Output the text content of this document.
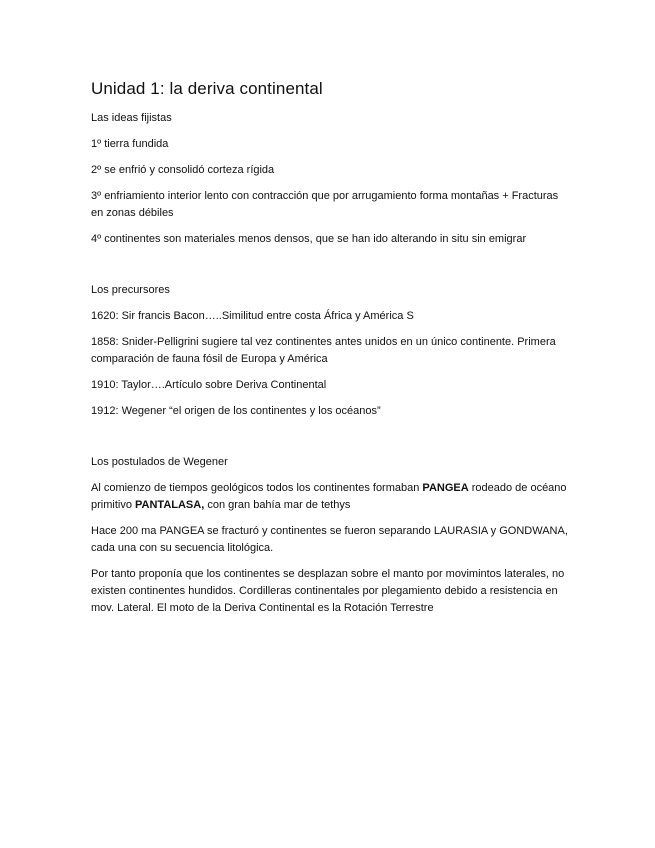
Unidad 1: la deriva continental

Las ideas fijistas

1º tierra fundida

2º se enfrió y consolidó corteza rígida

3º enfriamiento interior lento con contracción que por arrugamiento forma montañas + Fracturas en zonas débiles

4º continentes son materiales menos densos, que se han ido alterando in situ sin emigrar

Los precursores

1620: Sir francis Bacon…..Similitud entre costa África y América S

1858: Snider-Pelligrini sugiere tal vez continentes antes unidos en un único continente. Primera comparación de fauna fósil de Europa y América

1910: Taylor….Artículo sobre Deriva Continental

1912: Wegener “el origen de los continentes y los océanos”

Los postulados de Wegener

Al comienzo de tiempos geológicos todos los continentes formaban PANGEA rodeado de océano primitivo PANTALASA, con gran bahía mar de tethys

Hace 200 ma PANGEA se fracturó y continentes se fueron separando LAURASIA y GONDWANA, cada una con su secuencia litológica.

Por tanto proponía que los continentes se desplazan sobre el manto por movimintos laterales, no existen continentes hundidos. Cordilleras continentales por plegamiento debido a resistencia en mov. Lateral. El moto de la Deriva Continental es la Rotación Terrestre
